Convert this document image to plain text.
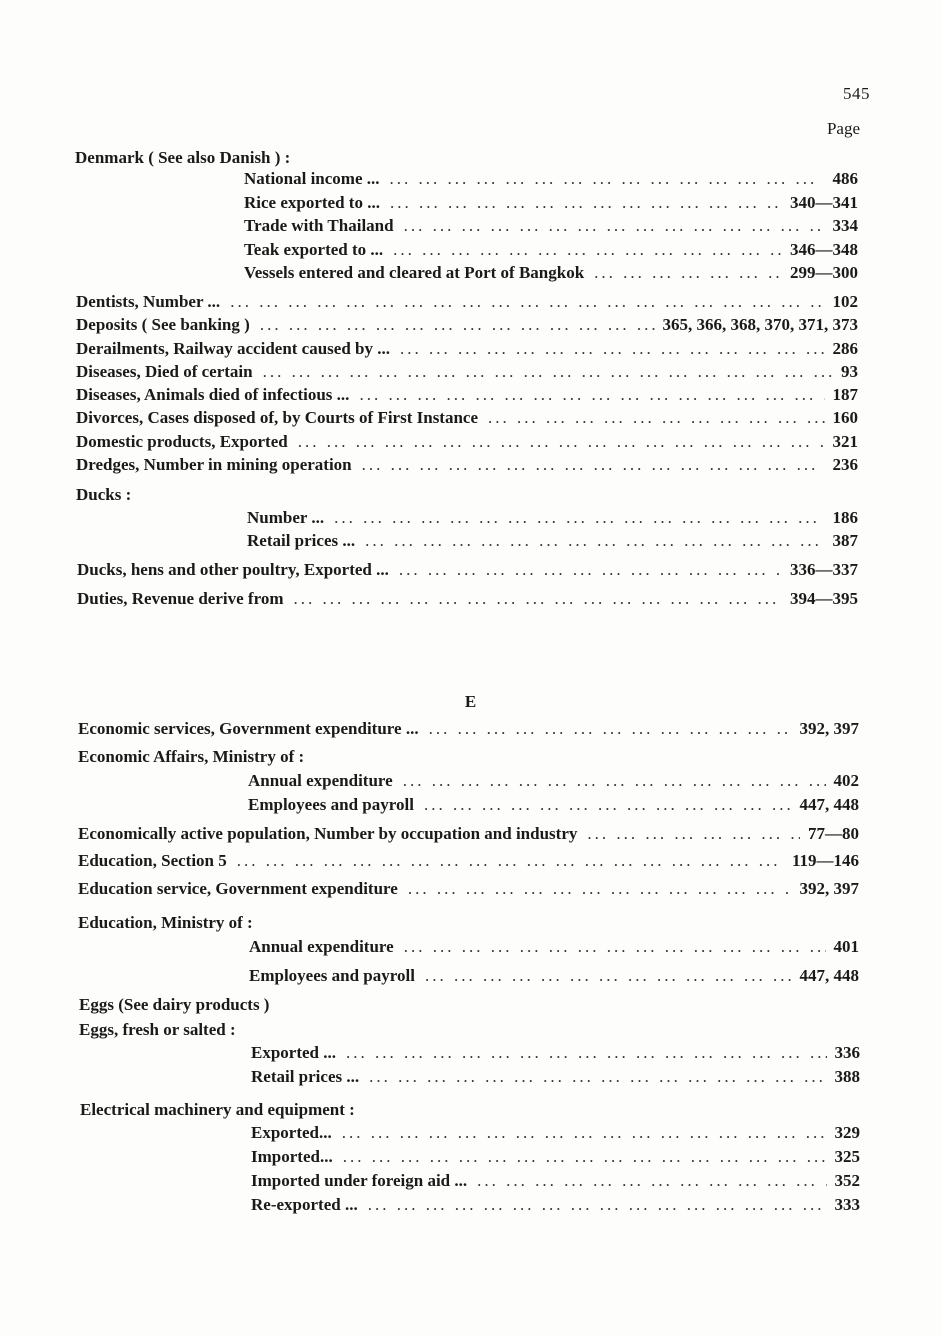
545
Page
Denmark ( See also Danish ) :
National income ... ... .	486
Rice exported to ... ... .	340—341
Trade with Thailand ... .	334
Teak exported to ... ... .	346—348
Vessels entered and cleared at Port of Bangkok ... .	299—300
Dentists, Number ... ... .	102
Deposits ( See banking ) ... .	365, 366, 368, 370, 371, 373
Derailments, Railway accident caused by ... ... .	286
Diseases, Died of certain ... .	93
Diseases, Animals died of infectious ... ... .	187
Divorces, Cases disposed of, by Courts of First Instance ... .	160
Domestic products, Exported ... .	321
Dredges, Number in mining operation ... .	236
Ducks :
Number ... ... .	186
Retail prices ... ... .	387
Ducks, hens and other poultry, Exported ... ... .	336—337
Duties, Revenue derive from ... .	394—395
E
Economic services, Government expenditure ... ... .	392, 397
Economic Affairs, Ministry of :
Annual expenditure ... .	402
Employees and payroll ... .	447, 448
Economically active population, Number by occupation and industry ... .	77—80
Education, Section 5 ... .	119—146
Education service, Government expenditure ... .	392, 397
Education, Ministry of :
Annual expenditure ... .	401
Employees and payroll ... .	447, 448
Eggs (See dairy products )
Eggs, fresh or salted :
Exported ... ... .	336
Retail prices ... ... .	388
Electrical machinery and equipment :
Exported... ... .	329
Imported... ... .	325
Imported under foreign aid ... ... .	352
Re-exported ... ... .	333
